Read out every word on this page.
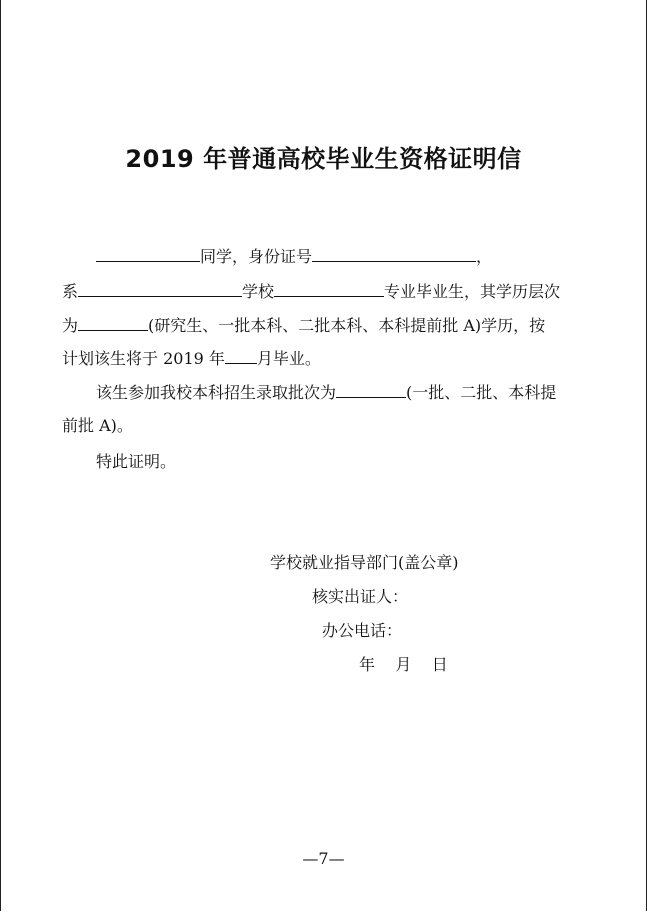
2019 年普通高校毕业生资格证明信
同学，身份证号	，
系	学校	专业毕业生，其学历层次
为	(研究生、一批本科、二批本科、本科提前批 A)学历，按
计划该生将于 2019 年 月毕业。
该生参加我校本科招生录取批次为	(一批、二批、本科提
前批 A)。
特此证明。
学校就业指导部门(盖公章)
核实出证人：
办公电话：
年    月    日
—7—
